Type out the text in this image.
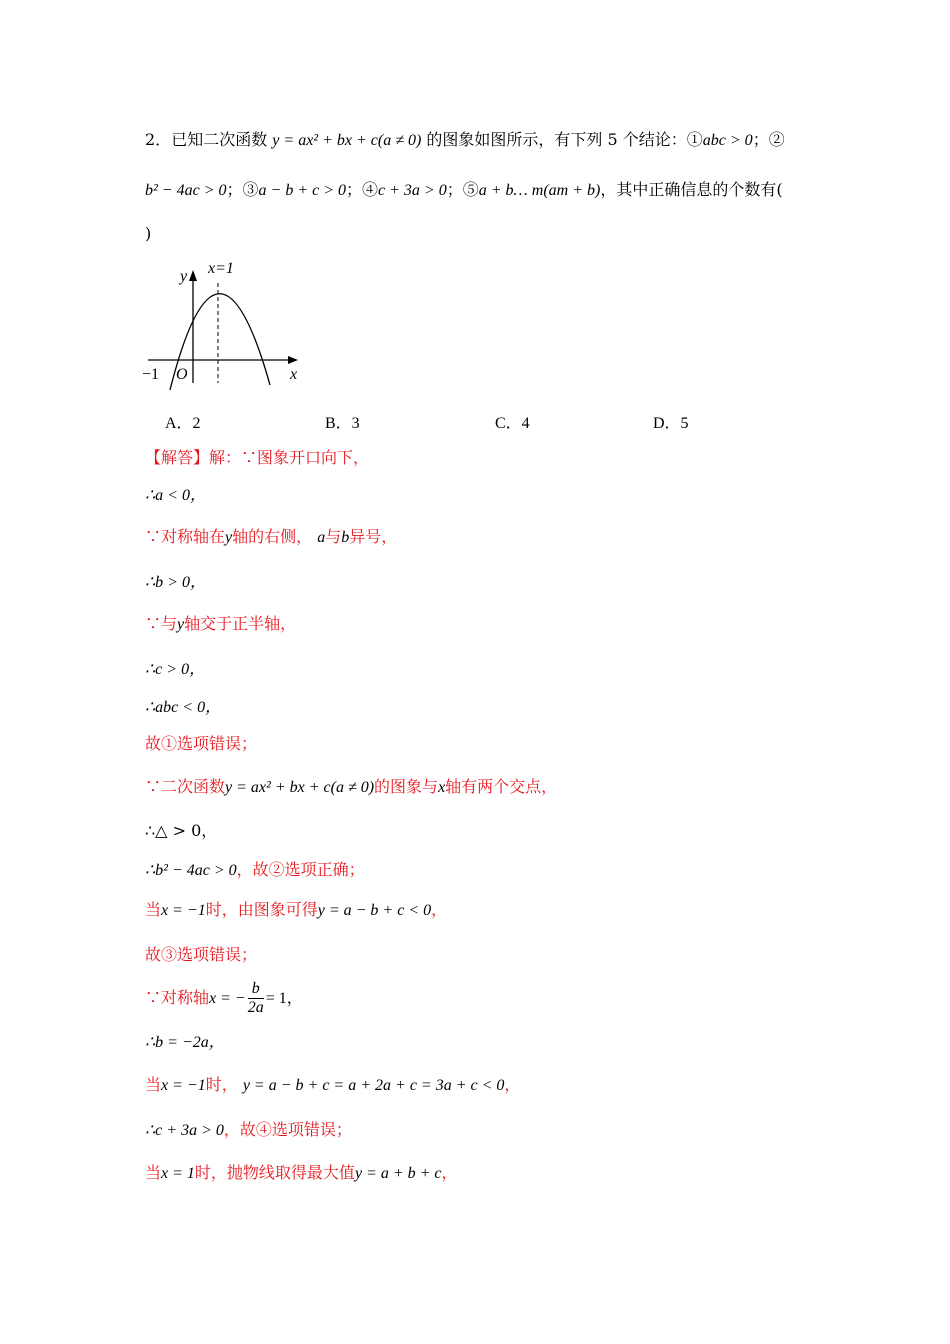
2．已知二次函数 y = ax² + bx + c(a ≠ 0) 的图象如图所示，有下列 5 个结论：①abc > 0；②
b² − 4ac > 0；③a − b + c > 0；④c + 3a > 0；⑤a + b… m(am + b)，其中正确信息的个数有(
)
y
x
x=1
O
−1
A．2	B．3	C．4	D．5
【解答】解：∵图象开口向下，
∴a < 0，
∵对称轴在y轴的右侧， a与b异号，
∴b > 0，
∵与y轴交于正半轴，
∴c > 0，
∴abc < 0，
故①选项错误；
∵二次函数y = ax² + bx + c(a ≠ 0)的图象与x轴有两个交点，
∴△ > 0，
∴b² − 4ac > 0，故②选项正确；
当x = −1时，由图象可得y = a − b + c < 0，
故③选项错误；
∵对称轴x = − $\frac{b}{2a} = 1$，
∴b = −2a，
当x = −1时， y = a − b + c = a + 2a + c = 3a + c < 0，
∴c + 3a > 0，故④选项错误；
当x = 1时，抛物线取得最大值y = a + b + c，
